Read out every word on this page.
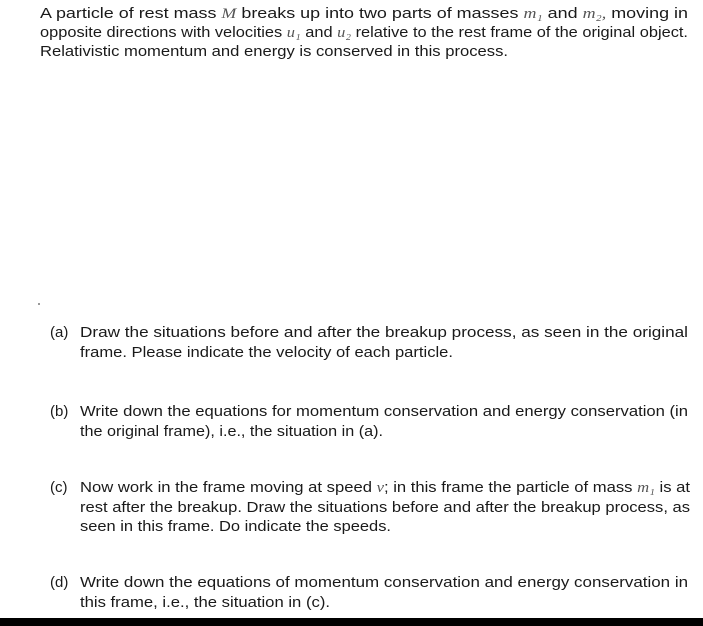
A particle of rest mass M breaks up into two parts of masses m₁ and m₂, moving in
opposite directions with velocities u₁ and u₂ relative to the rest frame of the original object.
Relativistic momentum and energy is conserved in this process.
(a) Draw the situations before and after the breakup process, as seen in the original
frame. Please indicate the velocity of each particle.
(b) Write down the equations for momentum conservation and energy conservation (in
the original frame), i.e., the situation in (a).
(c) Now work in the frame moving at speed v; in this frame the particle of mass m₁ is at
rest after the breakup. Draw the situations before and after the breakup process, as
seen in this frame. Do indicate the speeds.
(d) Write down the equations of momentum conservation and energy conservation in
this frame, i.e., the situation in (c).
